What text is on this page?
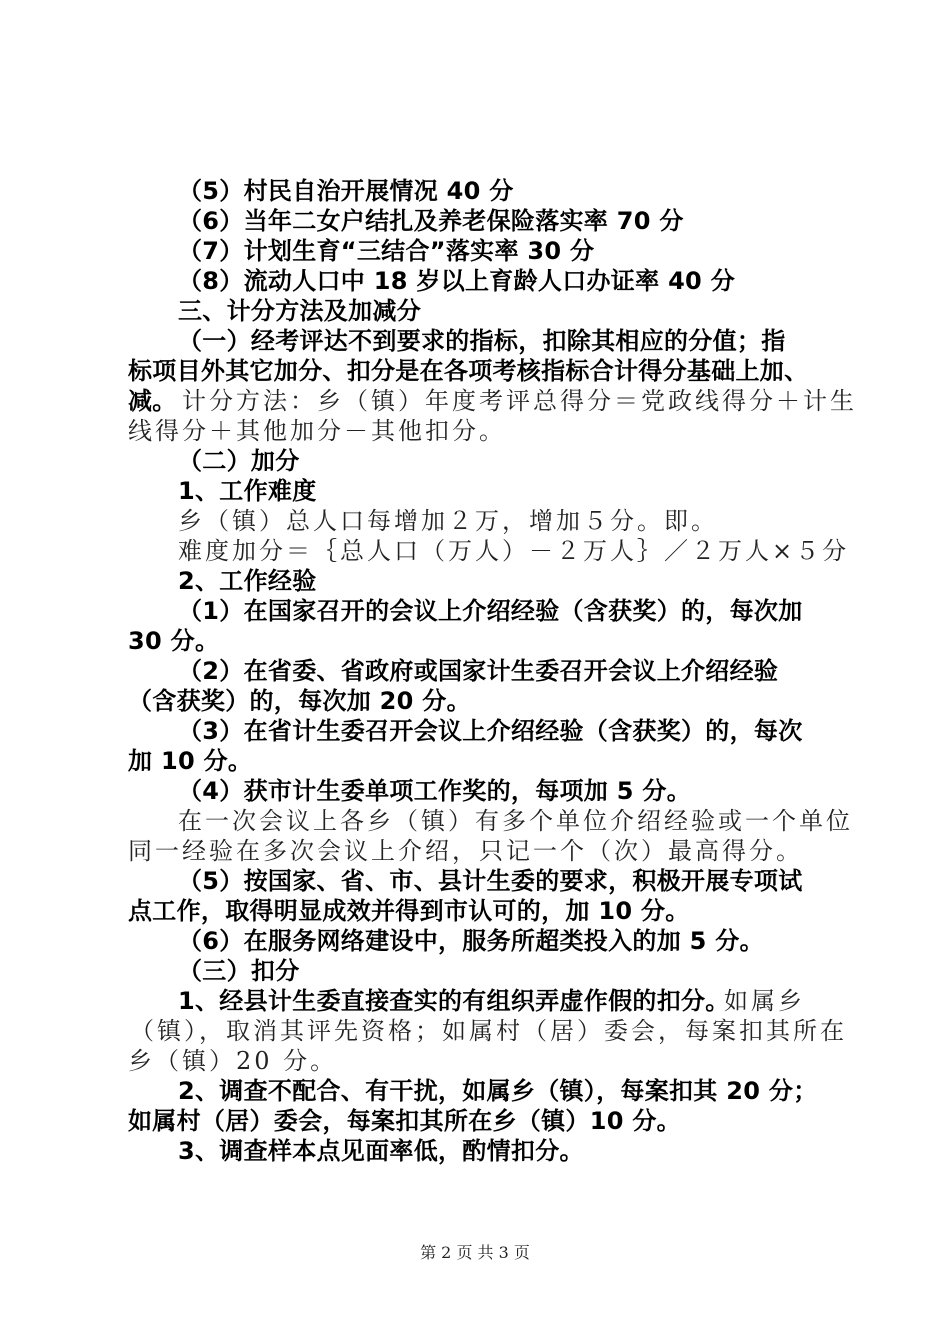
（5）村民自治开展情况 40 分
（6）当年二女户结扎及养老保险落实率 70 分
（7）计划生育“三结合”落实率 30 分
（8）流动人口中 18 岁以上育龄人口办证率 40 分
三、计分方法及加减分
（一）经考评达不到要求的指标，扣除其相应的分值；指
标项目外其它加分、扣分是在各项考核指标合计得分基础上加、
减。 计分方法：乡（镇）年度考评总得分＝党政线得分＋计生
线得分＋其他加分－其他扣分。
（二）加分
1、工作难度
乡（镇）总人口每增加２万，增加５分。即。
难度加分＝｛总人口（万人）－２万人｝／２万人×５分
2、工作经验
（1）在国家召开的会议上介绍经验（含获奖）的，每次加
30 分。
（2）在省委、省政府或国家计生委召开会议上介绍经验
（含获奖）的，每次加 20 分。
（3）在省计生委召开会议上介绍经验（含获奖）的，每次
加 10 分。
（4）获市计生委单项工作奖的，每项加 5 分。
在一次会议上各乡（镇）有多个单位介绍经验或一个单位
同一经验在多次会议上介绍，只记一个（次）最高得分。
（5）按国家、省、市、县计生委的要求，积极开展专项试
点工作，取得明显成效并得到市认可的，加 10 分。
（6）在服务网络建设中，服务所超类投入的加 5 分。
（三）扣分
1、经县计生委直接查实的有组织弄虚作假的扣分。
如属乡
（镇），取消其评先资格；如属村（居）委会，每案扣其所在
乡（镇）20 分。
2、调查不配合、有干扰，如属乡（镇），每案扣其 20 分；
如属村（居）委会，每案扣其所在乡（镇）10 分。
3、调查样本点见面率低，酌情扣分。
第 2 页 共 3 页
